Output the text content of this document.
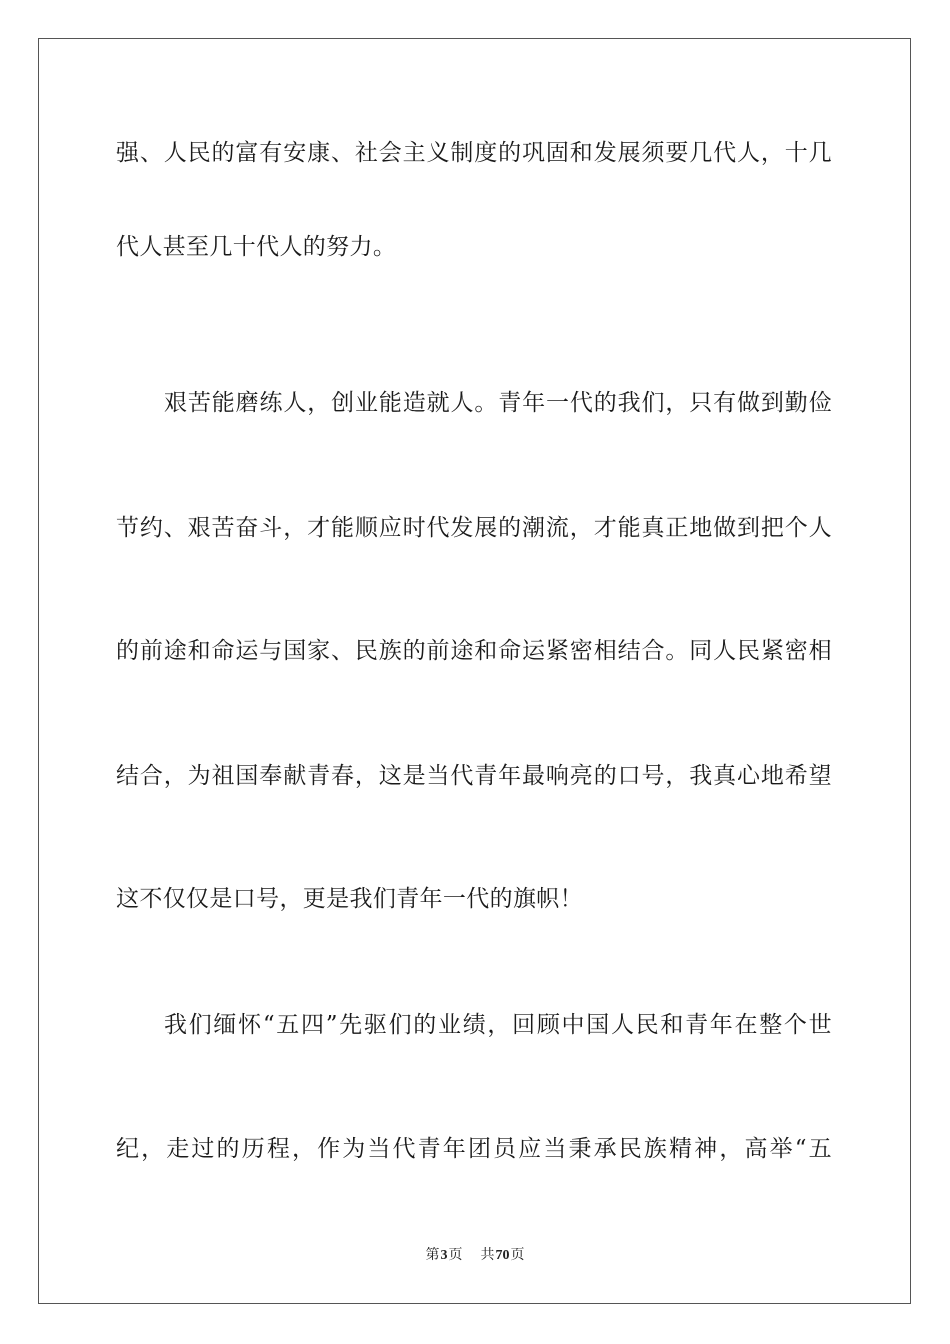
强、人民的富有安康、社会主义制度的巩固和发展须要几代人，十几
代人甚至几十代人的努力。
艰苦能磨练人，创业能造就人。青年一代的我们，只有做到勤俭
节约、艰苦奋斗，才能顺应时代发展的潮流，才能真正地做到把个人
的前途和命运与国家、民族的前途和命运紧密相结合。同人民紧密相
结合，为祖国奉献青春，这是当代青年最响亮的口号，我真心地希望
这不仅仅是口号，更是我们青年一代的旗帜！
我们缅怀“五四”先驱们的业绩，回顾中国人民和青年在整个世
纪，走过的历程，作为当代青年团员应当秉承民族精神，高举“五
第3页 共70页
